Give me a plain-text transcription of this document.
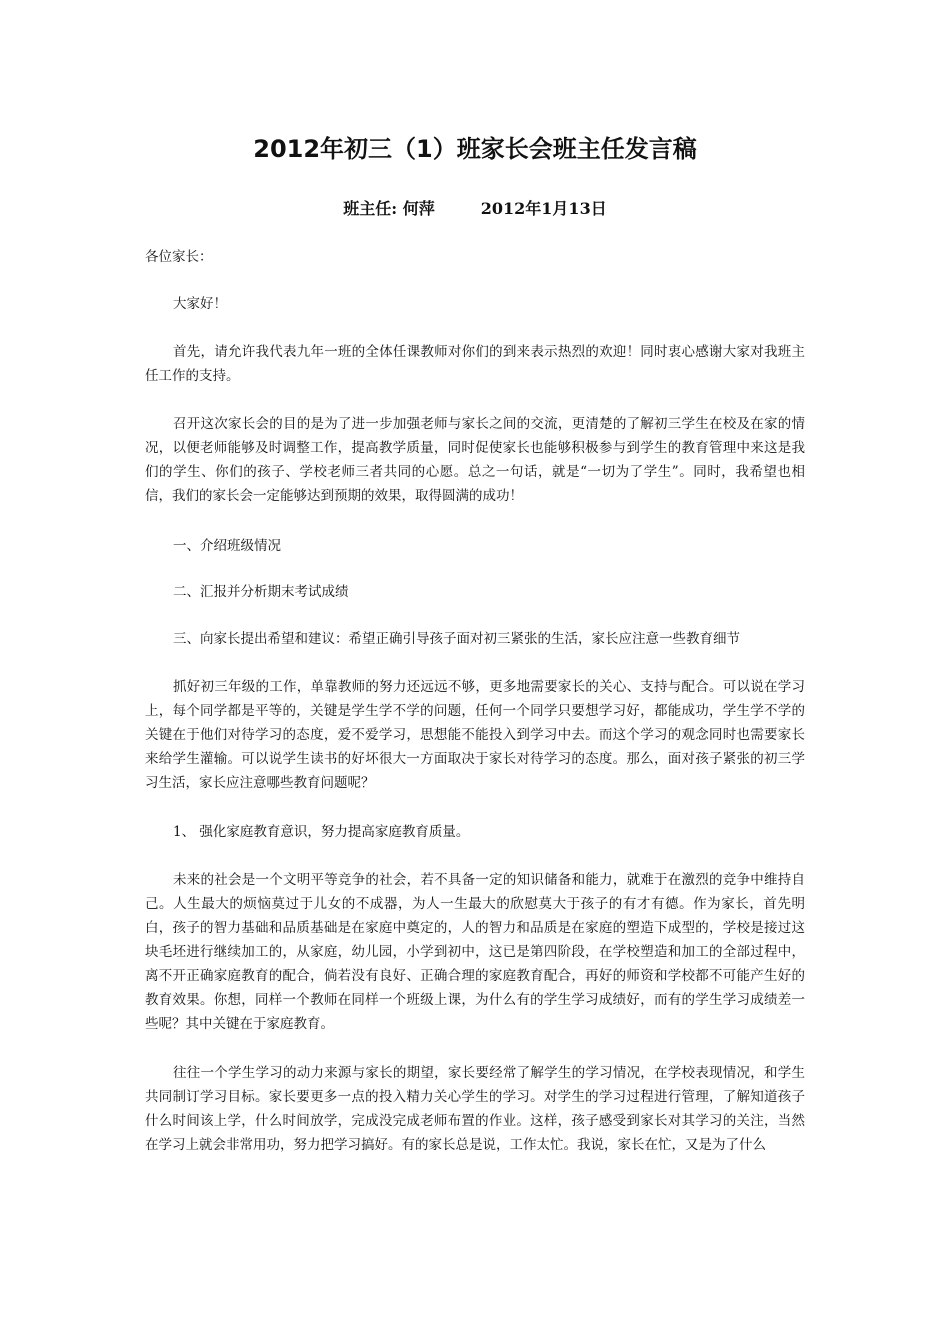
2012年初三（1）班家长会班主任发言稿
班主任: 何萍	2012年1月13日

各位家长：

大家好！

首先，请允许我代表九年一班的全体任课教师对你们的到来表示热烈的欢迎！同时衷心感谢大家对我班主任工作的支持。

召开这次家长会的目的是为了进一步加强老师与家长之间的交流，更清楚的了解初三学生在校及在家的情况，以便老师能够及时调整工作，提高教学质量，同时促使家长也能够积极参与到学生的教育管理中来这是我们的学生、你们的孩子、学校老师三者共同的心愿。总之一句话，就是“一切为了学生”。同时，我希望也相信，我们的家长会一定能够达到预期的效果，取得圆满的成功！

一、介绍班级情况

二、汇报并分析期末考试成绩

三、向家长提出希望和建议：希望正确引导孩子面对初三紧张的生活，家长应注意一些教育细节

抓好初三年级的工作，单靠教师的努力还远远不够，更多地需要家长的关心、支持与配合。可以说在学习上，每个同学都是平等的，关键是学生学不学的问题，任何一个同学只要想学习好，都能成功，学生学不学的关键在于他们对待学习的态度，爱不爱学习，思想能不能投入到学习中去。而这个学习的观念同时也需要家长来给学生灌输。可以说学生读书的好坏很大一方面取决于家长对待学习的态度。那么，面对孩子紧张的初三学习生活，家长应注意哪些教育问题呢？

1、 强化家庭教育意识，努力提高家庭教育质量。

未来的社会是一个文明平等竞争的社会，若不具备一定的知识储备和能力，就难于在激烈的竞争中维持自己。人生最大的烦恼莫过于儿女的不成器，为人一生最大的欣慰莫大于孩子的有才有德。作为家长，首先明白，孩子的智力基础和品质基础是在家庭中奠定的，人的智力和品质是在家庭的塑造下成型的，学校是接过这块毛坯进行继续加工的，从家庭，幼儿园，小学到初中，这已是第四阶段，在学校塑造和加工的全部过程中，离不开正确家庭教育的配合，倘若没有良好、正确合理的家庭教育配合，再好的师资和学校都不可能产生好的教育效果。你想，同样一个教师在同样一个班级上课，为什么有的学生学习成绩好，而有的学生学习成绩差一些呢？其中关键在于家庭教育。

往往一个学生学习的动力来源与家长的期望，家长要经常了解学生的学习情况，在学校表现情况，和学生共同制订学习目标。家长要更多一点的投入精力关心学生的学习。对学生的学习过程进行管理，了解知道孩子什么时间该上学，什么时间放学，完成没完成老师布置的作业。这样，孩子感受到家长对其学习的关注，当然在学习上就会非常用功，努力把学习搞好。有的家长总是说，工作太忙。我说，家长在忙，又是为了什么
